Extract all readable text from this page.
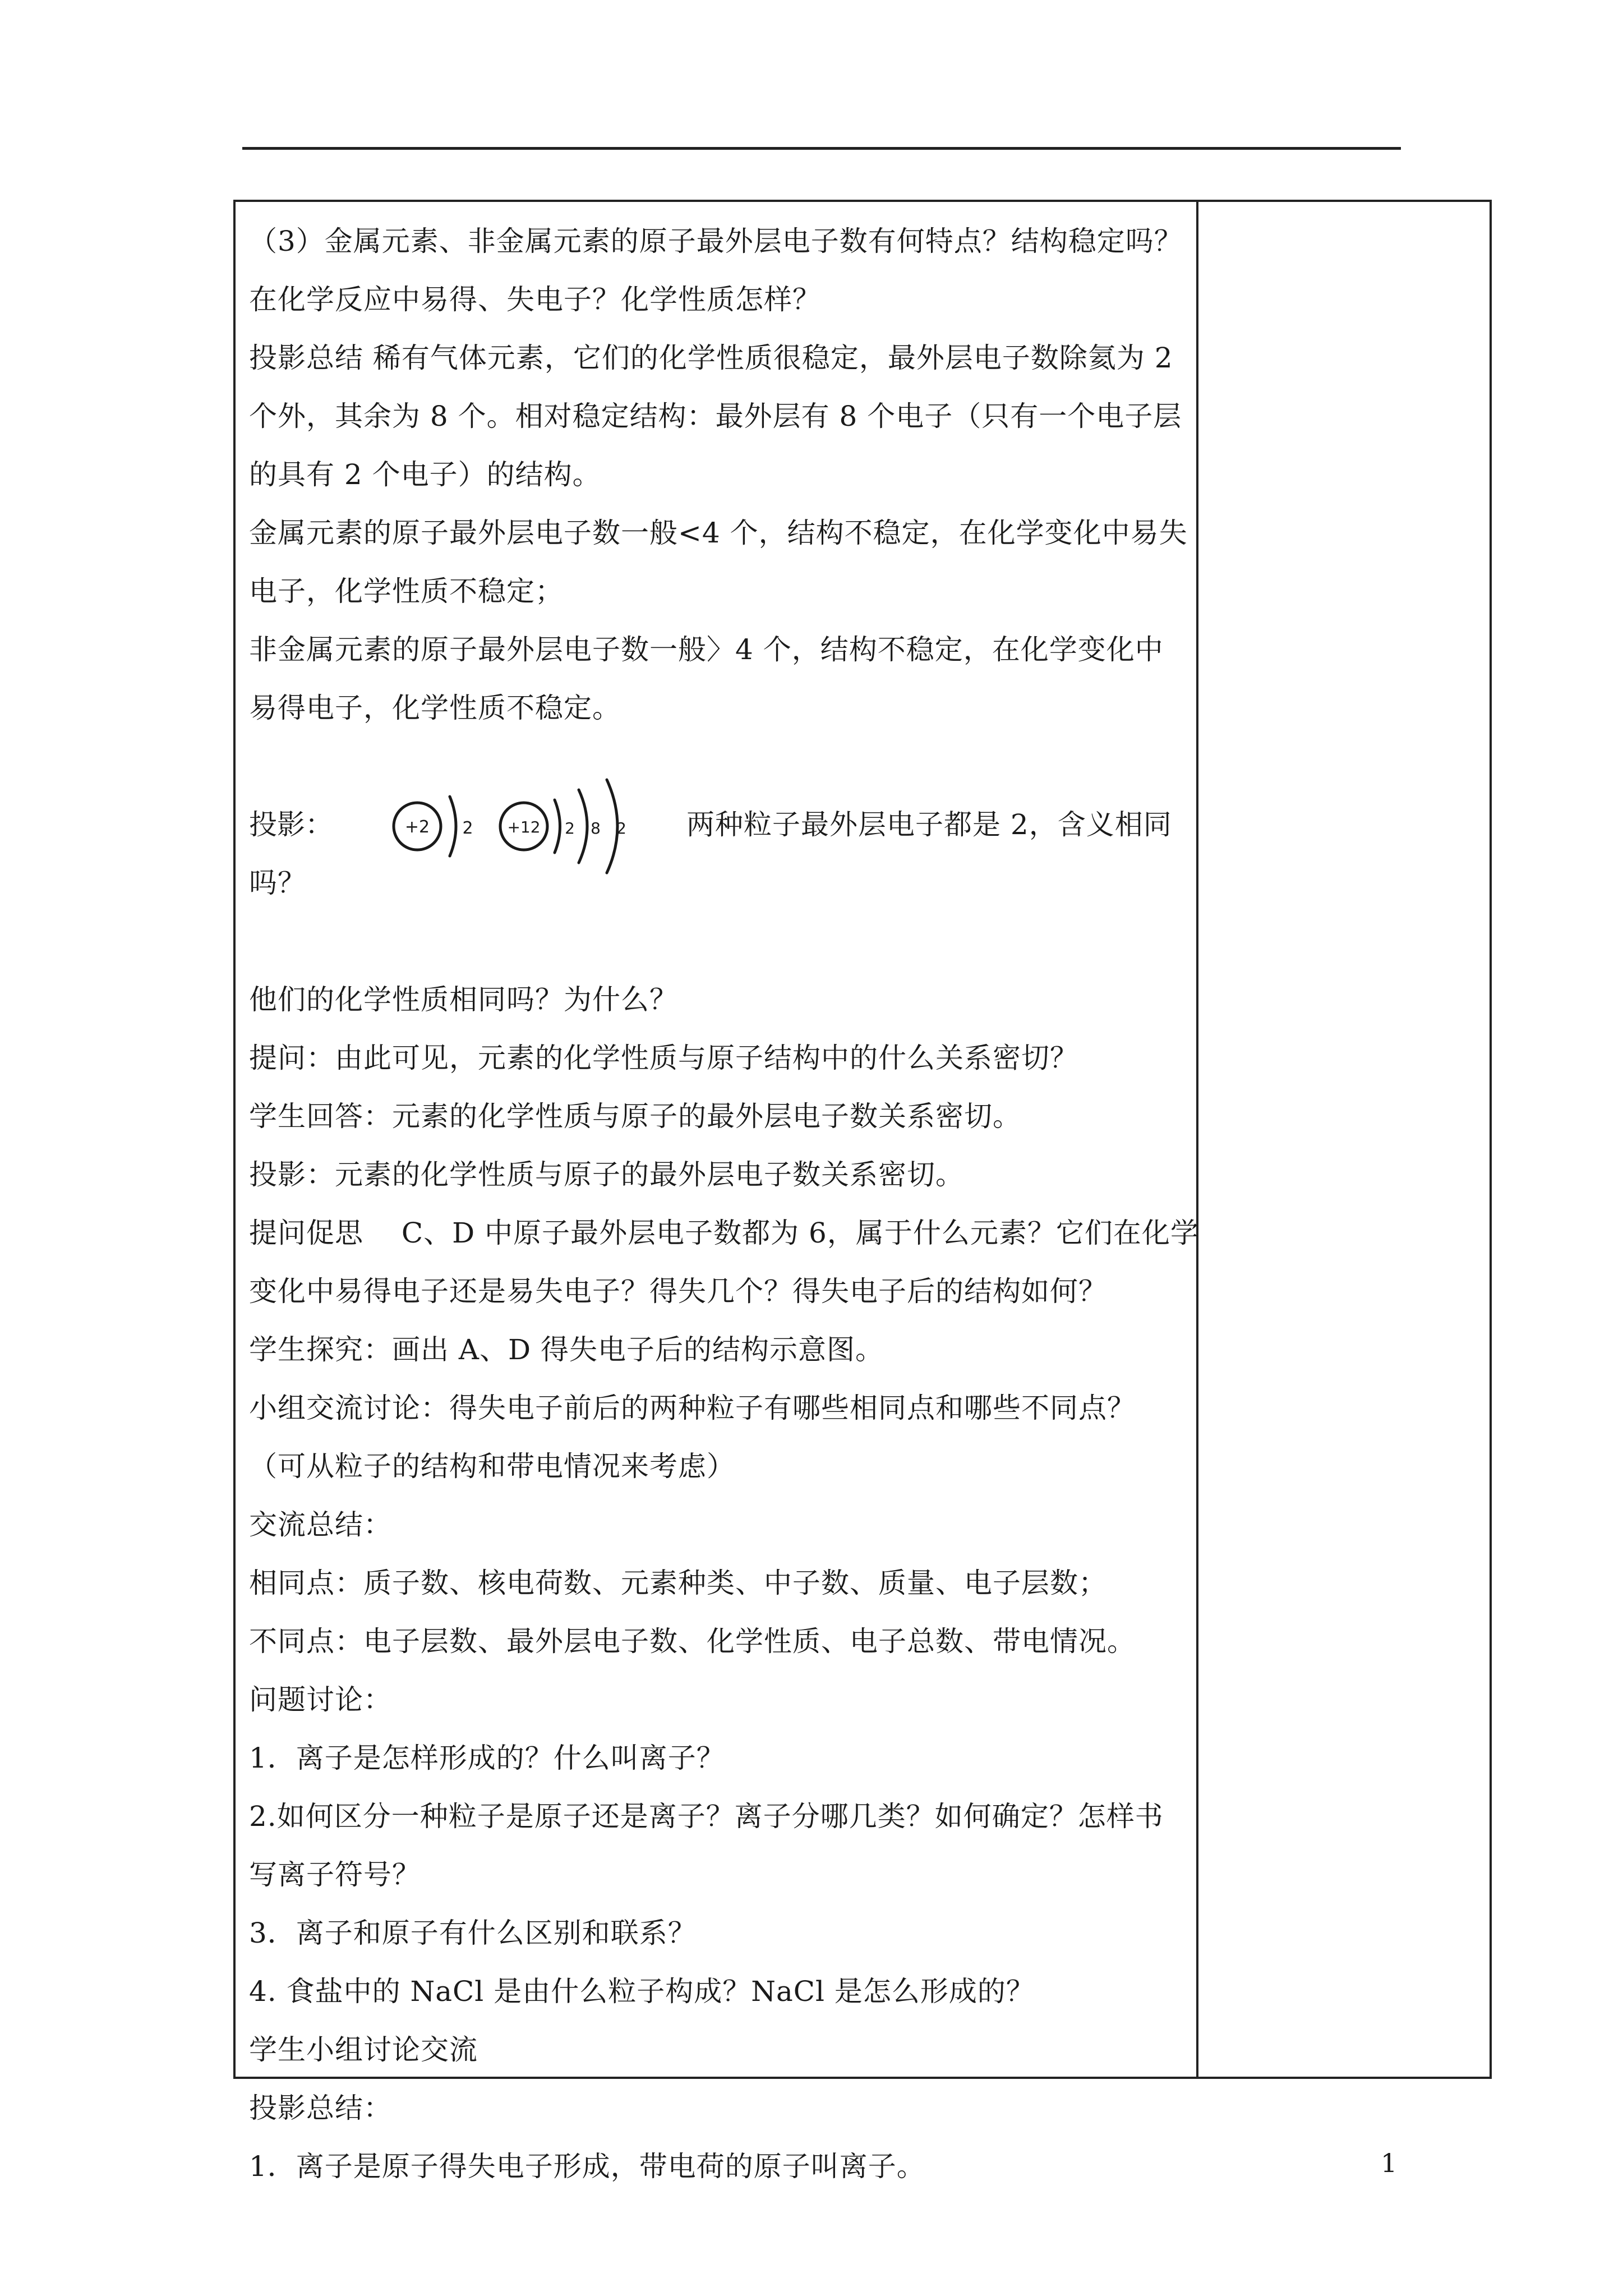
（3）金属元素、非金属元素的原子最外层电子数有何特点？结构稳定吗？
在化学反应中易得、失电子？化学性质怎样？
投影总结 稀有气体元素，它们的化学性质很稳定，最外层电子数除氦为 2
个外，其余为 8 个。相对稳定结构：最外层有 8 个电子（只有一个电子层
的具有 2 个电子）的结构。
金属元素的原子最外层电子数一般<4 个，结构不稳定，在化学变化中易失
电子，化学性质不稳定；
非金属元素的原子最外层电子数一般〉4 个，结构不稳定，在化学变化中
易得电子，化学性质不稳定。
投影：	+2 2 +12 2 8 2 两种粒子最外层电子都是 2，含义相同
吗？
他们的化学性质相同吗？为什么？
提问：由此可见，元素的化学性质与原子结构中的什么关系密切？
学生回答：元素的化学性质与原子的最外层电子数关系密切。
投影：元素的化学性质与原子的最外层电子数关系密切。
提问促思　 C、D 中原子最外层电子数都为 6，属于什么元素？它们在化学
变化中易得电子还是易失电子？得失几个？得失电子后的结构如何？
学生探究：画出 A、D 得失电子后的结构示意图。
小组交流讨论：得失电子前后的两种粒子有哪些相同点和哪些不同点？
（可从粒子的结构和带电情况来考虑）
交流总结：
相同点：质子数、核电荷数、元素种类、中子数、质量、电子层数；
不同点：电子层数、最外层电子数、化学性质、电子总数、带电情况。
问题讨论：
1．离子是怎样形成的？什么叫离子？
2.如何区分一种粒子是原子还是离子？离子分哪几类？如何确定？怎样书
写离子符号？
3．离子和原子有什么区别和联系？
4. 食盐中的 NaCl 是由什么粒子构成？NaCl 是怎么形成的？
学生小组讨论交流
投影总结：
1．离子是原子得失电子形成，带电荷的原子叫离子。	1
